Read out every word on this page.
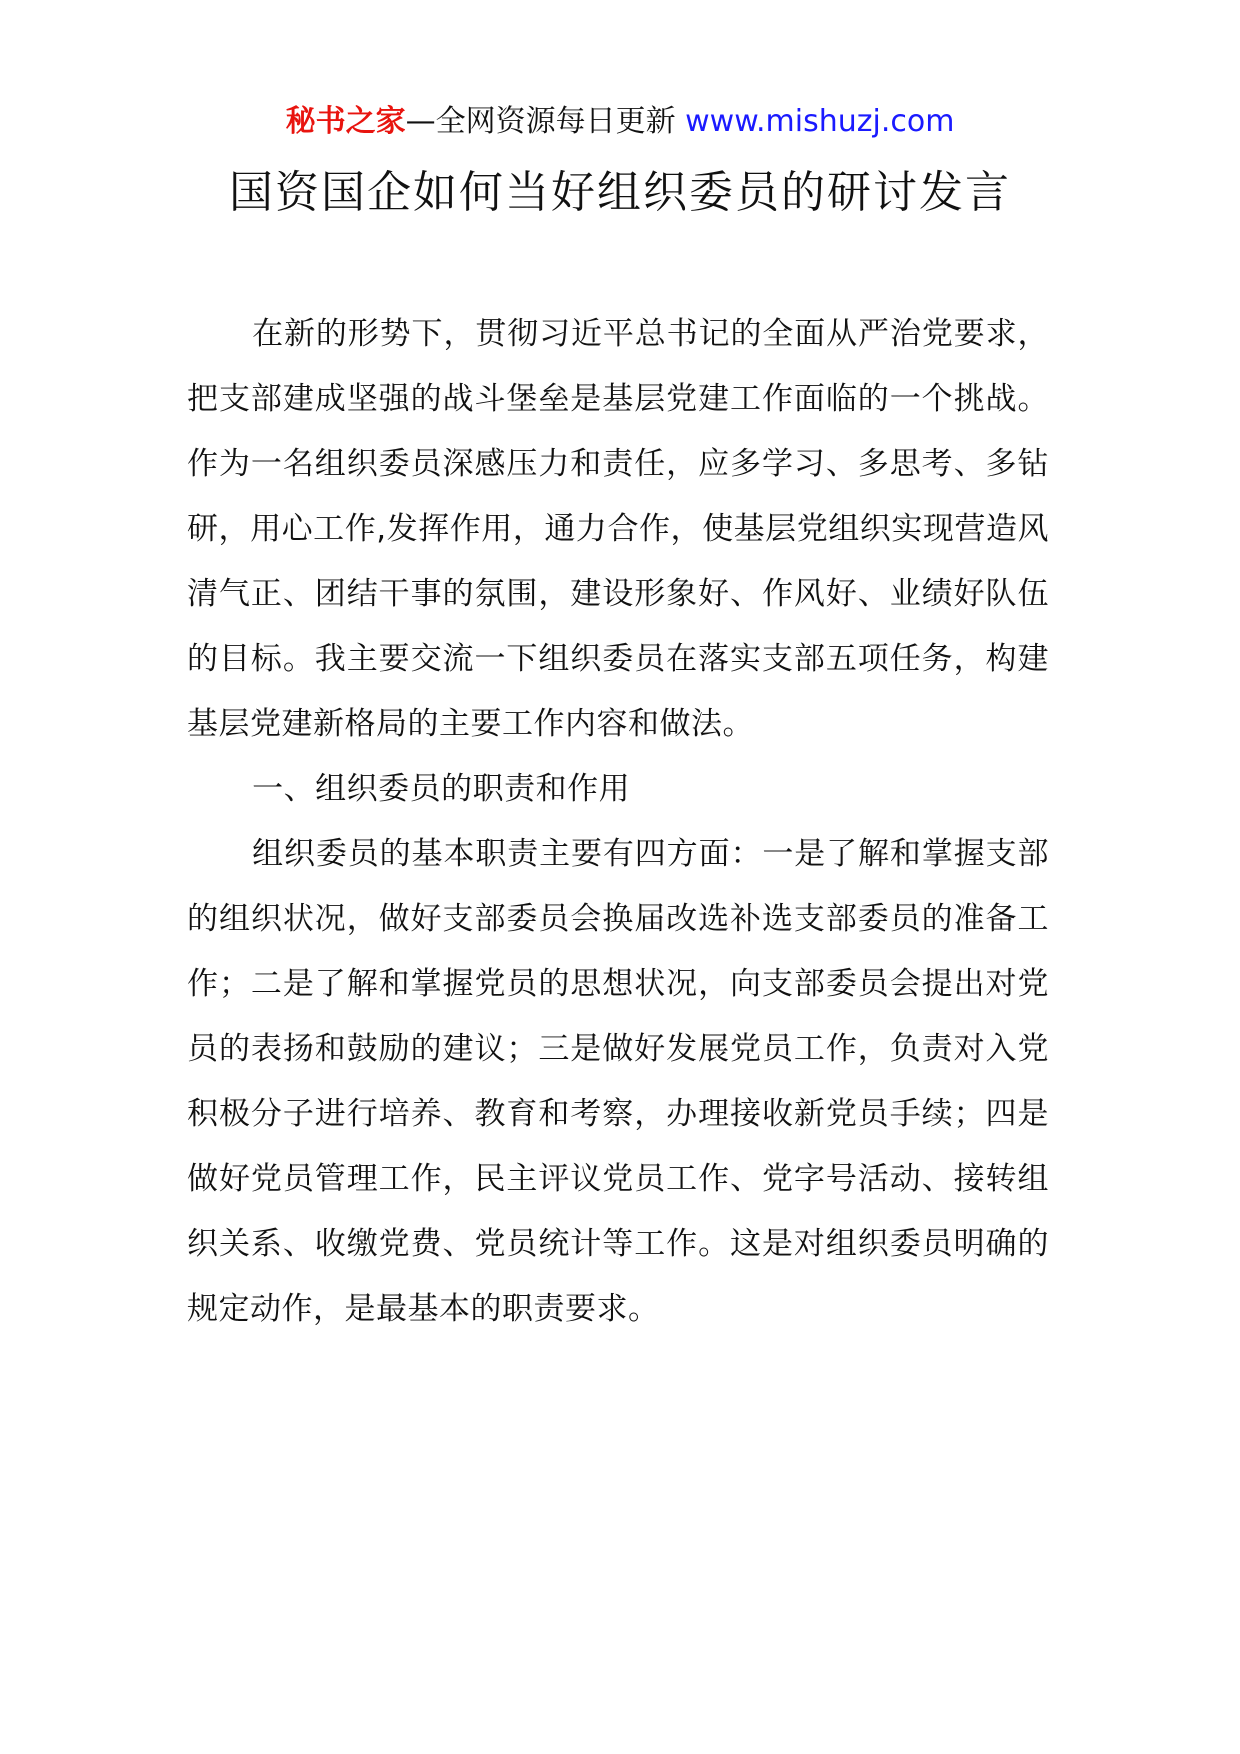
秘书之家—全网资源每日更新 www.mishuzj.com
国资国企如何当好组织委员的研讨发言

在新的形势下，贯彻习近平总书记的全面从严治党要求，把支部建成坚强的战斗堡垒是基层党建工作面临的一个挑战。作为一名组织委员深感压力和责任，应多学习、多思考、多钻研，用心工作,发挥作用，通力合作，使基层党组织实现营造风清气正、团结干事的氛围，建设形象好、作风好、业绩好队伍的目标。我主要交流一下组织委员在落实支部五项任务，构建基层党建新格局的主要工作内容和做法。

一、组织委员的职责和作用

组织委员的基本职责主要有四方面：一是了解和掌握支部的组织状况，做好支部委员会换届改选补选支部委员的准备工作；二是了解和掌握党员的思想状况，向支部委员会提出对党员的表扬和鼓励的建议；三是做好发展党员工作，负责对入党积极分子进行培养、教育和考察，办理接收新党员手续；四是做好党员管理工作，民主评议党员工作、党字号活动、接转组织关系、收缴党费、党员统计等工作。这是对组织委员明确的规定动作，是最基本的职责要求。
